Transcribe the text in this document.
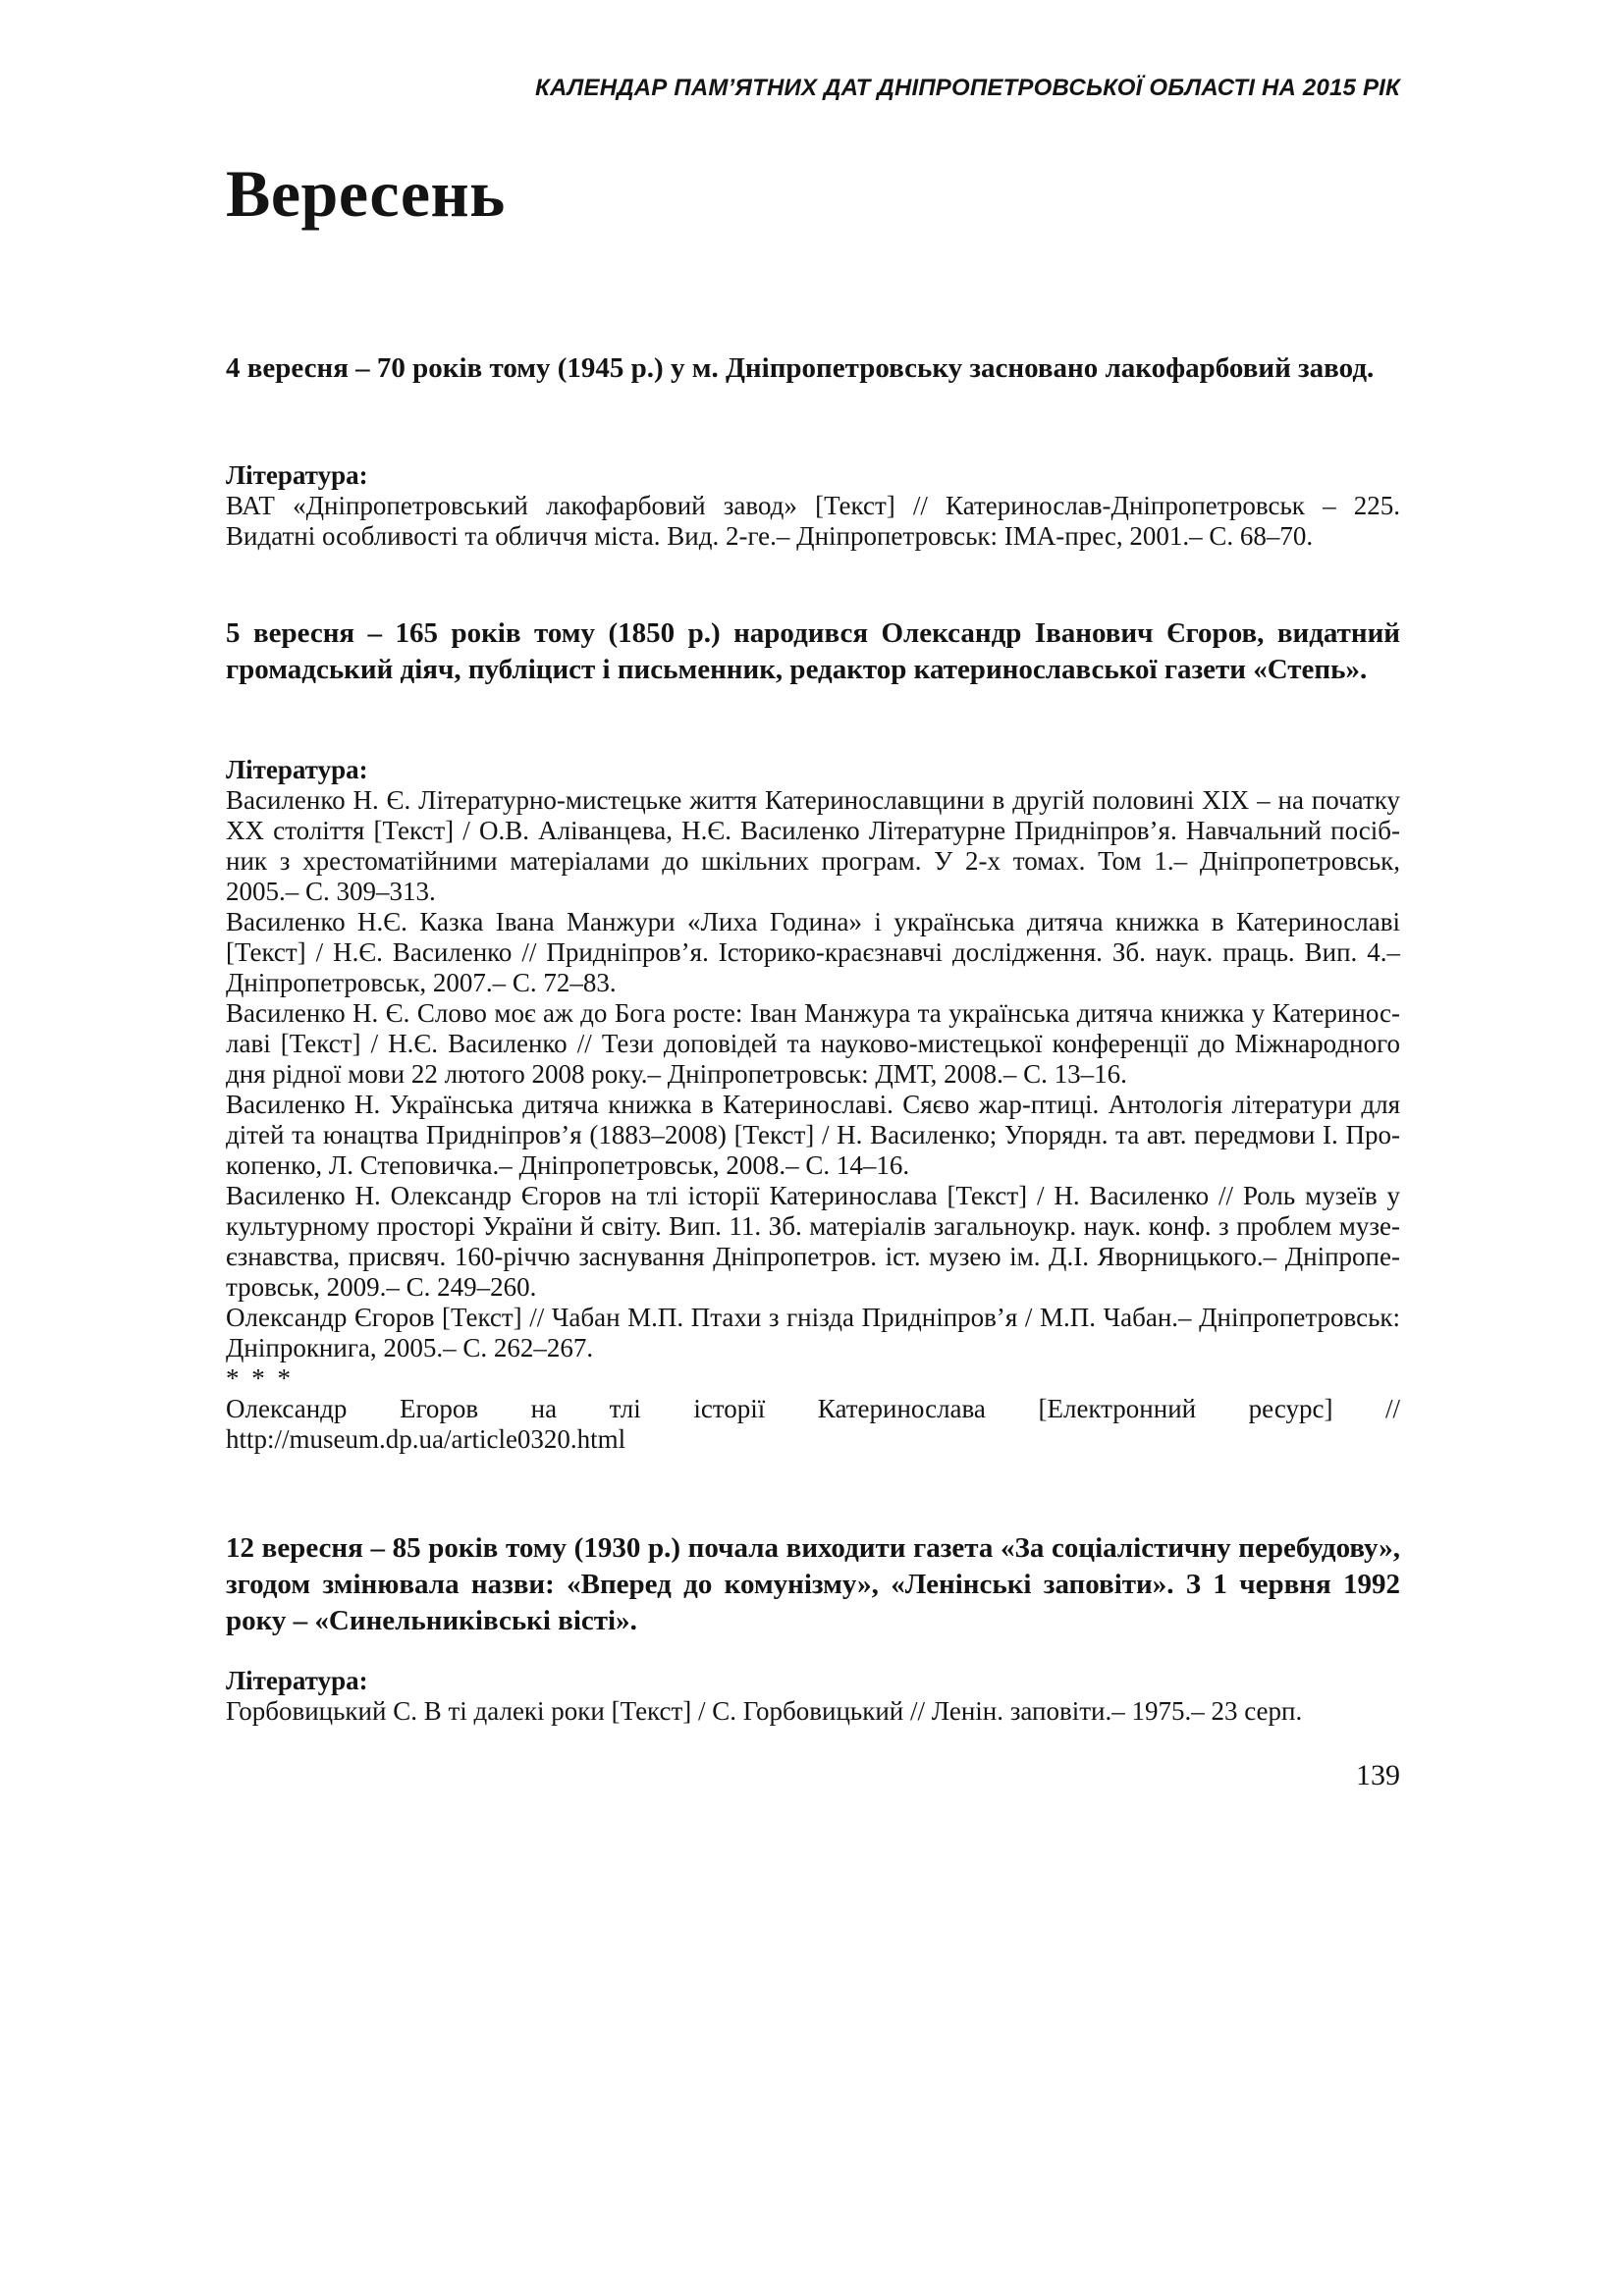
КАЛЕНДАР ПАМ’ЯТНИХ ДАТ ДНІПРОПЕТРОВСЬКОЇ ОБЛАСТІ НА 2015 РІК
Вересень
4 вересня – 70 років тому (1945 р.) у м. Дніпропетровську засновано лакофарбовий завод.
Література:

ВАТ «Дніпропетровський лакофарбовий завод» [Текст] // Катеринослав-Дніпропетровськ – 225. Видатні особливості та обличчя міста. Вид. 2-ге.– Дніпропетровськ: ІМА-прес, 2001.– С. 68–70.

5 вересня – 165 років тому (1850 р.) народився Олександр Іванович Єгоров, видатний громадський діяч, публіцист і письменник, редактор катеринославської газети «Степь».
Література:

Василенко Н. Є. Літературно-мистецьке життя Катеринославщини в другій половині XIX – на початку XX століття [Текст] / О.В. Аліванцева, Н.Є. Василенко Літературне Придніпров’я. Навчальний посібник з хрестоматійними матеріалами до шкільних програм. У 2-х томах. Том 1.– Дніпропетровськ, 2005.– С. 309–313.

Василенко Н.Є. Казка Івана Манжури «Лиха Година» і українська дитяча книжка в Катеринославі [Текст] / Н.Є. Василенко // Придніпров’я. Історико-краєзнавчі дослідження. Зб. наук. праць. Вип. 4.– Дніпропетровськ, 2007.– С. 72–83.

Василенко Н. Є. Слово моє аж до Бога росте: Іван Манжура та українська дитяча книжка у Катеринославі [Текст] / Н.Є. Василенко // Тези доповідей та науково-мистецької конференції до Міжнародного дня рідної мови 22 лютого 2008 року.– Дніпропетровськ: ДМТ, 2008.– С. 13–16.

Василенко Н. Українська дитяча книжка в Катеринославі. Сяєво жар-птиці. Антологія літератури для дітей та юнацтва Придніпров’я (1883–2008) [Текст] / Н. Василенко; Упорядн. та авт. передмови І. Прокопенко, Л. Степовичка.– Дніпропетровськ, 2008.– С. 14–16.

Василенко Н. Олександр Єгоров на тлі історії Катеринослава [Текст] / Н. Василенко // Роль музеїв у культурному просторі України й світу. Вип. 11. Зб. матеріалів загальноукр. наук. конф. з проблем музеєзнавства, присвяч. 160-річчю заснування Дніпропетров. іст. музею ім. Д.І. Яворницького.– Дніпропетровськ, 2009.– С. 249–260.

Олександр Єгоров [Текст] // Чабан М.П. Птахи з гнізда Придніпров’я / М.П. Чабан.– Дніпропетровськ: Дніпрокнига, 2005.– С. 262–267.

* * *

Олександр Егоров на тлі історії Катеринослава [Електронний ресурс] // http://museum.dp.ua/article0320.html

12 вересня – 85 років тому (1930 р.) почала виходити газета «За соціалістичну перебудову», згодом змінювала назви: «Вперед до комунізму», «Ленінські заповіти». З 1 червня 1992 року – «Синельниківські вісті».
Література:

Горбовицький С. В ті далекі роки [Текст] / С. Горбовицький // Ленін. заповіти.– 1975.– 23 серп.

139
